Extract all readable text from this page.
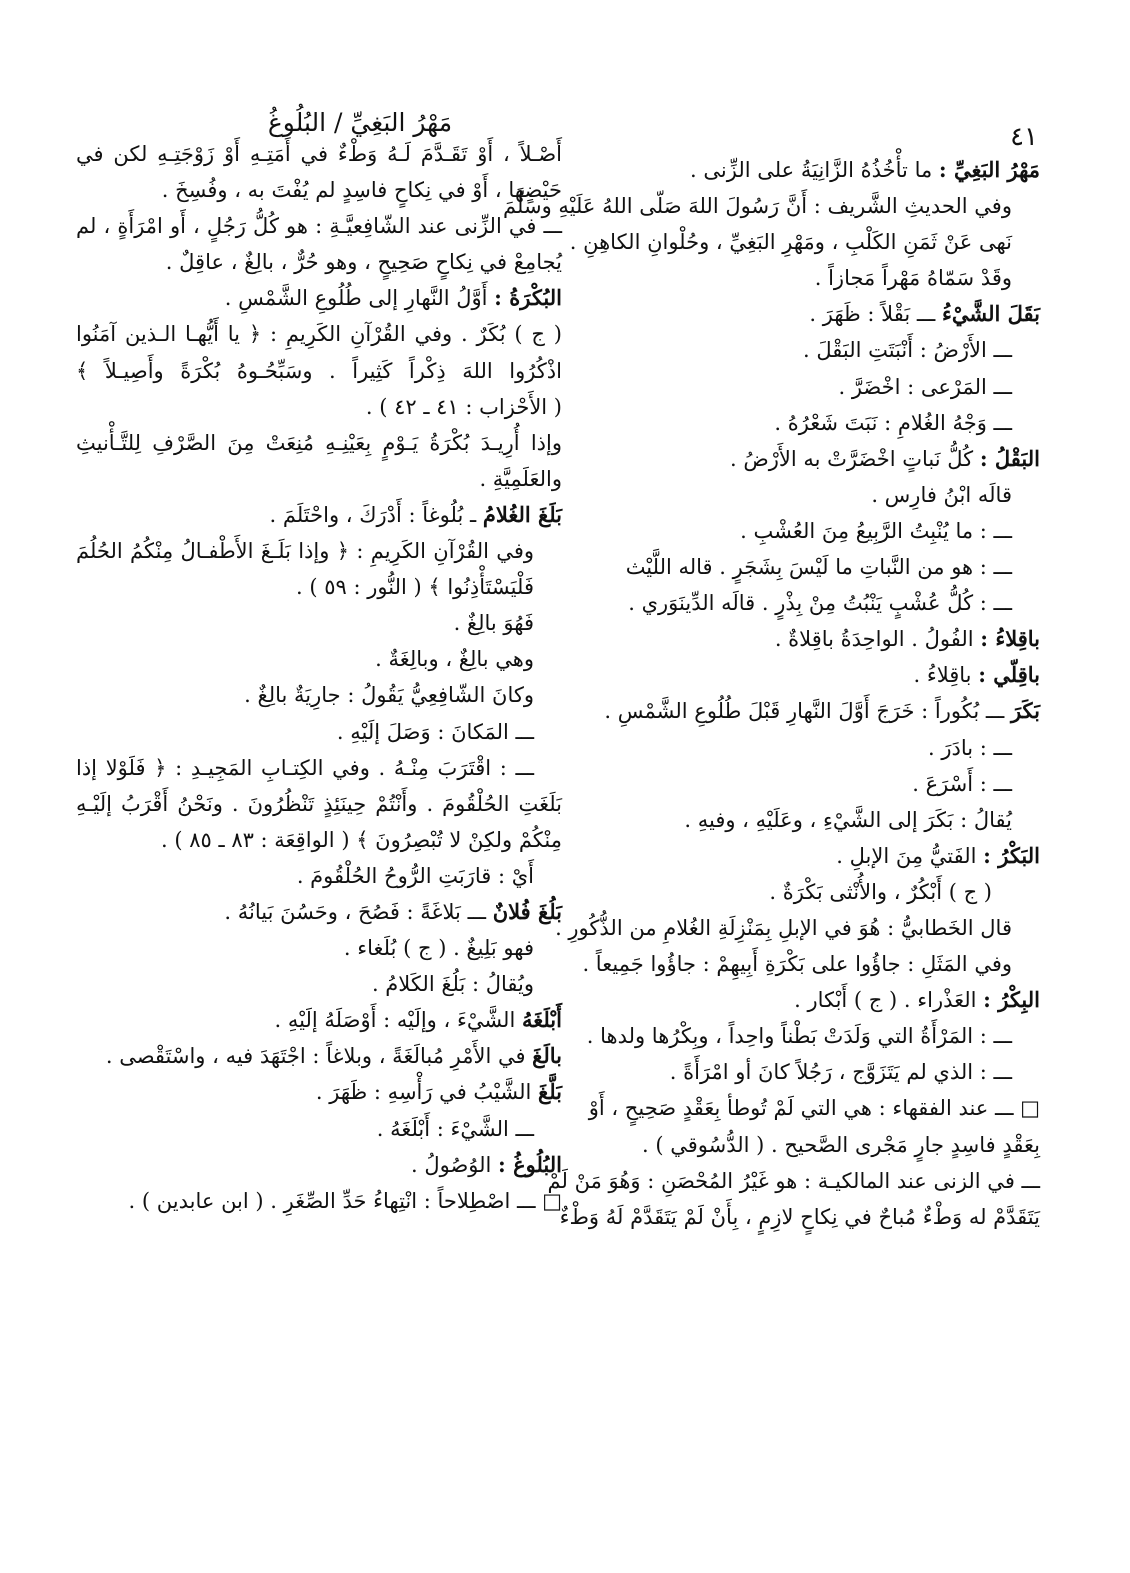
مَهْرُ البَغِيِّ / البُلُوغُ	٤١
مَهْرُ البَغِيِّ : ما تأْخُذُهُ الزَّانِيَةُ على الزِّنى .
وفي الحديثِ الشَّريف : أَنَّ رَسُولَ اللهَ صَلّى اللهُ عَلَيْهِ وسَلَّمَ
نَهى عَنْ ثَمَنِ الكَلْبِ ، ومَهْرِ البَغِيِّ ، وحُلْوانِ الكاهِنِ .
وقَدْ سَمّاهُ مَهْراً مَجازاً .
بَقَلَ الشَّيْءُ ـــ بَقْلاً : ظَهَرَ .
ـــ الأَرْضُ : أَنْبَتَتِ البَقْلَ .
ـــ المَرْعى : اخْضَرَّ .
ـــ وَجْهُ الغُلامِ : نَبَتَ شَعْرُهُ .
البَقْلُ : كُلُّ نَباتٍ اخْضَرَّتْ به الأَرْضُ .
قالَه ابْنُ فارِس .
ـــ : ما يُنْبِتُ الرَّبِيعُ مِنَ العُشْبِ .
ـــ : هو من النَّباتِ ما لَيْسَ بِشَجَرٍ . قاله اللَّيْث
ـــ : كُلُّ عُشْبٍ يَنْبُتُ مِنْ بِذْرٍ . قالَه الدِّينَوَري .
باقِلاءُ : الفُولُ . الواحِدَةُ باقِلاةٌ .
باقِلّي : باقِلاءُ .
بَكَرَ ـــ بُكُوراً : خَرَجَ أَوَّلَ النَّهارِ قَبْلَ طُلُوعِ الشَّمْسِ .
ـــ : بادَرَ .
ـــ : أَسْرَعَ .
يُقالُ : بَكَرَ إلى الشَّيْءِ ، وعَلَيْهِ ، وفيهِ .
البَكْرُ : الفَتيُّ مِنَ الإبلِ .
( ج ) أَبْكُرٌ ، والأُنْثى بَكْرَةٌ .
قال الخَطابيُّ : هُوَ في الإبلِ بِمَنْزِلَةِ الغُلامِ من الذُّكُورِ .
وفي المَثَلِ : جاؤُوا على بَكْرَةِ أَبِيهِمْ : جاؤُوا جَمِيعاً .
البِكْرُ : العَذْراء . ( ج ) أَبْكار .
ـــ : المَرْأَةُ التي وَلَدَتْ بَطْناً واحِداً ، وبِكْرُها ولدها .
ـــ : الذي لم يَتَزَوَّج ، رَجُلاً كانَ أو امْرَأَةً .
□ ـــ عند الفقهاء : هي التي لَمْ تُوطأ بِعَقْدٍ صَحِيحٍ ، أَوْ
بِعَقْدٍ فاسِدٍ جارٍ مَجْرى الصَّحيح . ( الدُّسُوقي ) .
ـــ في الزنى عند المالكيـة : هو غَيْرُ المُحْصَنِ : وَهُوَ مَنْ لَمْ
يَتَقَدَّمْ له وَطْءٌ مُباحٌ في نِكاحٍ لازِمٍ ، بِأَنْ لَمْ يَتَقَدَّمْ لَهُ وَطْءٌ
أَصْـلاً ، أَوْ تَقَـدَّمَ لَـهُ وَطْءٌ في أَمَتِـهِ أَوْ زَوْجَتِـهِ لكن في
حَيْضِها ، أَوْ في نِكاحٍ فاسِدٍ لم يُفْتَ به ، وفُسِخَ .
ـــ في الزِّنى عند الشّافِعيَّـةِ : هو كُلُّ رَجُلٍ ، أَو امْرَأَةٍ ، لم
يُجامِعْ في نِكاحٍ صَحِيحٍ ، وهو حُرٌّ ، بالِغٌ ، عاقِلٌ .
البُكْرَةُ : أَوَّلُ النَّهارِ إلى طُلُوعِ الشَّمْسِ .
( ج ) بُكَرٌ . وفي القُرْآنِ الكَرِيمِ : ﴿ يا أَيُّهـا الـذين آمَنُوا
اذْكُرُوا اللهَ ذِكْراً كَثِيراً . وسَبِّحُـوهُ بُكْرَةً وأَصِيـلاً ﴾
( الأَحْزاب : ٤١ ـ ٤٢ ) .
وإذا أُرِيـدَ بُكْرَةُ يَـوْمٍ بِعَيْنِـهِ مُنِعَتْ مِنَ الصَّرْفِ لِلتَّـأْنيثِ
والعَلَمِيَّةِ .
بَلَغَ الغُلامُ ـ بُلُوغاً : أَدْرَكَ ، واحْتَلَمَ .
وفي القُرْآنِ الكَرِيمِ : ﴿ وإذا بَلَـغَ الأَطْفـالُ مِنْكُمُ الحُلُمَ
فَلْيَسْتَأْذِنُوا ﴾ ( النُّور : ٥٩ ) .
فَهُوَ بالِغٌ .
وهي بالِغٌ ، وبالِغَةٌ .
وكانَ الشّافِعِيُّ يَقُولُ : جارِيَةٌ بالِغٌ .
ـــ المَكانَ : وَصَلَ إلَيْهِ .
ـــ : اقْتَرَبَ مِنْـهُ . وفي الكِتـابِ المَجِيـدِ : ﴿ فَلَوْلا إذا
بَلَغَتِ الحُلْقُومَ . وأَنْتُمْ حِينَئِذٍ تَنْظُرُونَ . ونَحْنُ أَقْرَبُ إلَيْـهِ
مِنْكُمْ ولكِنْ لا تُبْصِرُونَ ﴾ ( الواقِعَة : ٨٣ ـ ٨٥ ) .
أَيْ : قارَبَتِ الرُّوحُ الحُلْقُومَ .
بَلُغَ فُلانٌ ـــ بَلاغَةً : فَصُحَ ، وحَسُنَ بَيانُهُ .
فهو بَلِيغٌ . ( ج ) بُلَغاء .
ويُقالُ : بَلُغَ الكَلامُ .
أَبْلَغَهُ الشَّيْءَ ، وإلَيْه : أَوْصَلَهُ إلَيْهِ .
بالَغَ في الأَمْرِ مُبالَغَةً ، وبلاغاً : اجْتَهَدَ فيه ، واسْتَقْصى .
بَلَّغَ الشَّيْبُ في رَأْسِهِ : ظَهَرَ .
ـــ الشَّيْءَ : أَبْلَغَهُ .
البُلُوغُ : الوُصُولُ .
□ ـــ اصْطِلاحاً : انْتِهاءُ حَدِّ الصِّغَرِ . ( ابن عابدين ) .
